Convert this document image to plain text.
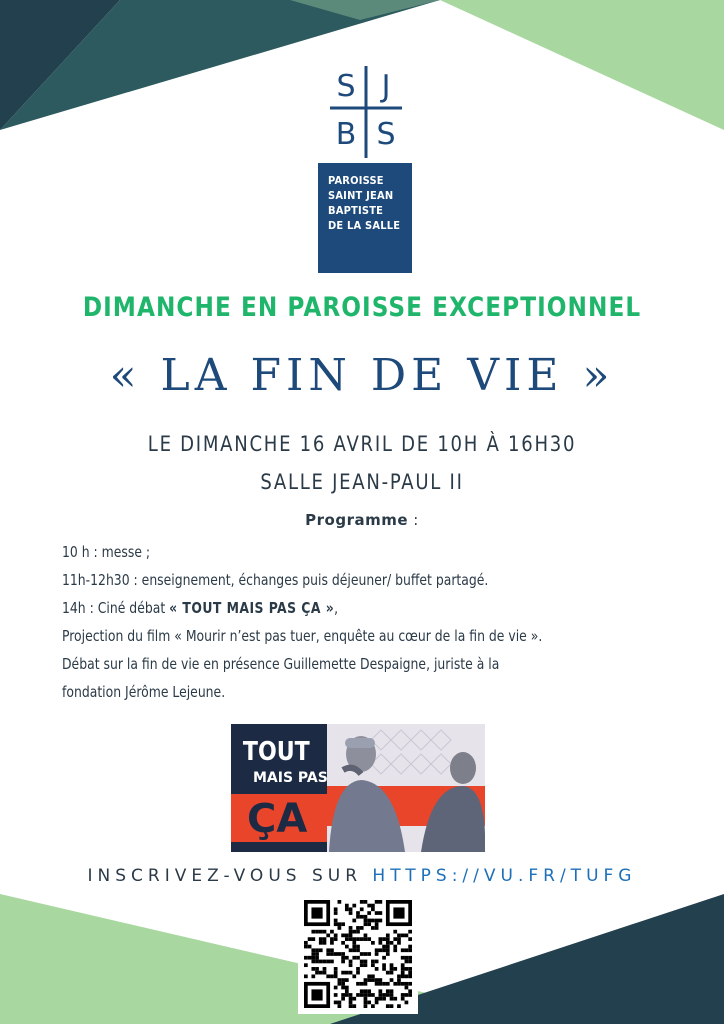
S J
B S
PAROISSE
SAINT JEAN
BAPTISTE
DE LA SALLE
DIMANCHE EN PAROISSE EXCEPTIONNEL
« LA FIN DE VIE »
LE DIMANCHE 16 AVRIL DE 10H À 16H30
SALLE JEAN-PAUL II
Programme :
10 h : messe ;
11h-12h30 : enseignement, échanges puis déjeuner/ buffet partagé.
14h : Ciné débat « TOUT MAIS PAS ÇA »,
Projection du film « Mourir n’est pas tuer, enquête au cœur de la fin de vie ».
Débat sur la fin de vie en présence Guillemette Despaigne, juriste à la
fondation Jérôme Lejeune.
TOUT
MAIS PAS
ÇA
INSCRIVEZ-VOUS SUR HTTPS://VU.FR/TUFG
